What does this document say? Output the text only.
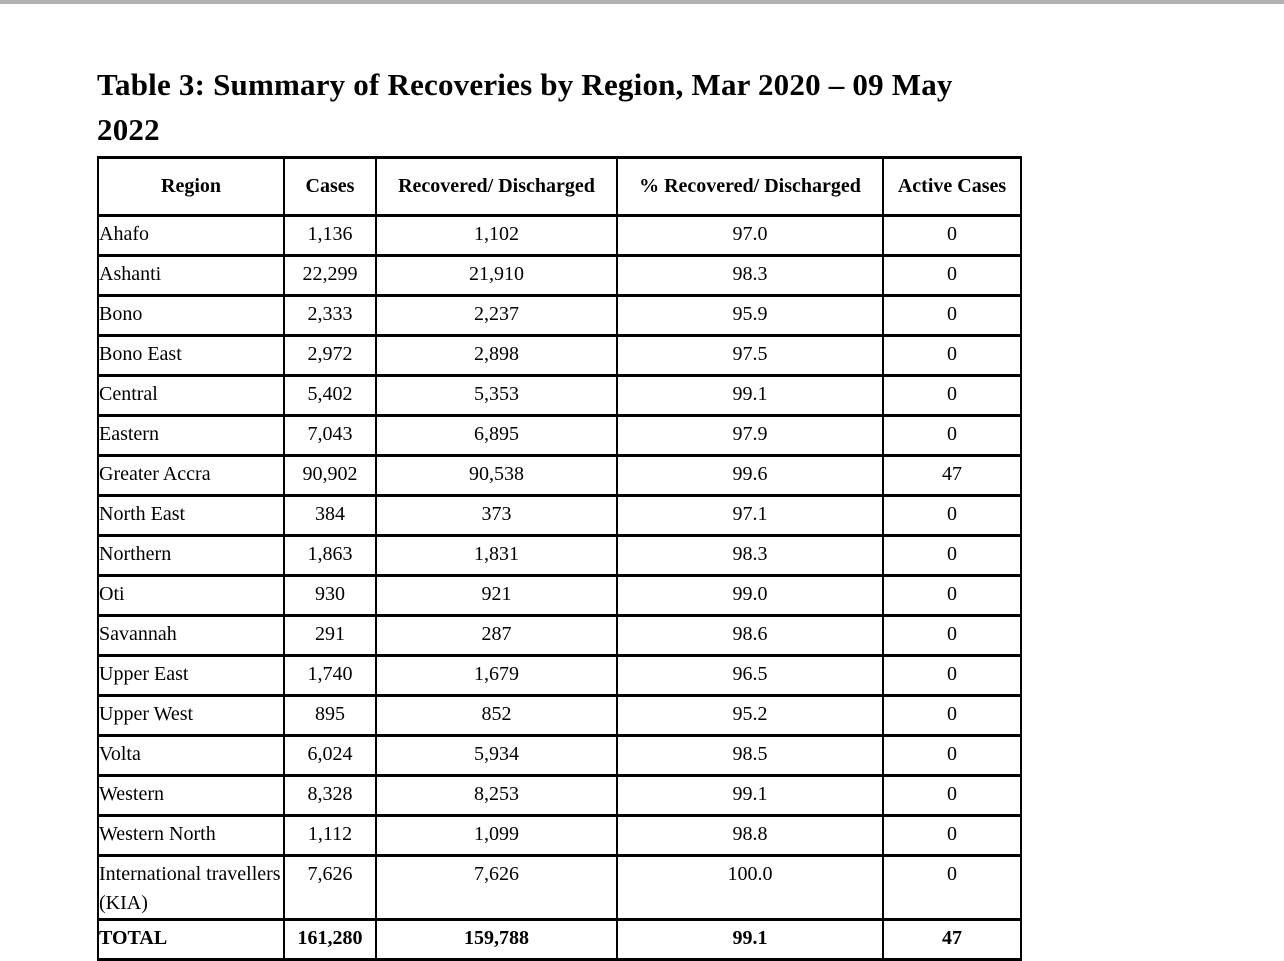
Table 3: Summary of Recoveries by Region, Mar 2020 – 09 May
2022
Region	Cases	Recovered/ Discharged	% Recovered/ Discharged	Active Cases
Ahafo	1,136	1,102	97.0	0
Ashanti	22,299	21,910	98.3	0
Bono	2,333	2,237	95.9	0
Bono East	2,972	2,898	97.5	0
Central	5,402	5,353	99.1	0
Eastern	7,043	6,895	97.9	0
Greater Accra	90,902	90,538	99.6	47
North East	384	373	97.1	0
Northern	1,863	1,831	98.3	0
Oti	930	921	99.0	0
Savannah	291	287	98.6	0
Upper East	1,740	1,679	96.5	0
Upper West	895	852	95.2	0
Volta	6,024	5,934	98.5	0
Western	8,328	8,253	99.1	0
Western North	1,112	1,099	98.8	0
International travellers (KIA)	7,626	7,626	100.0	0
TOTAL	161,280	159,788	99.1	47
